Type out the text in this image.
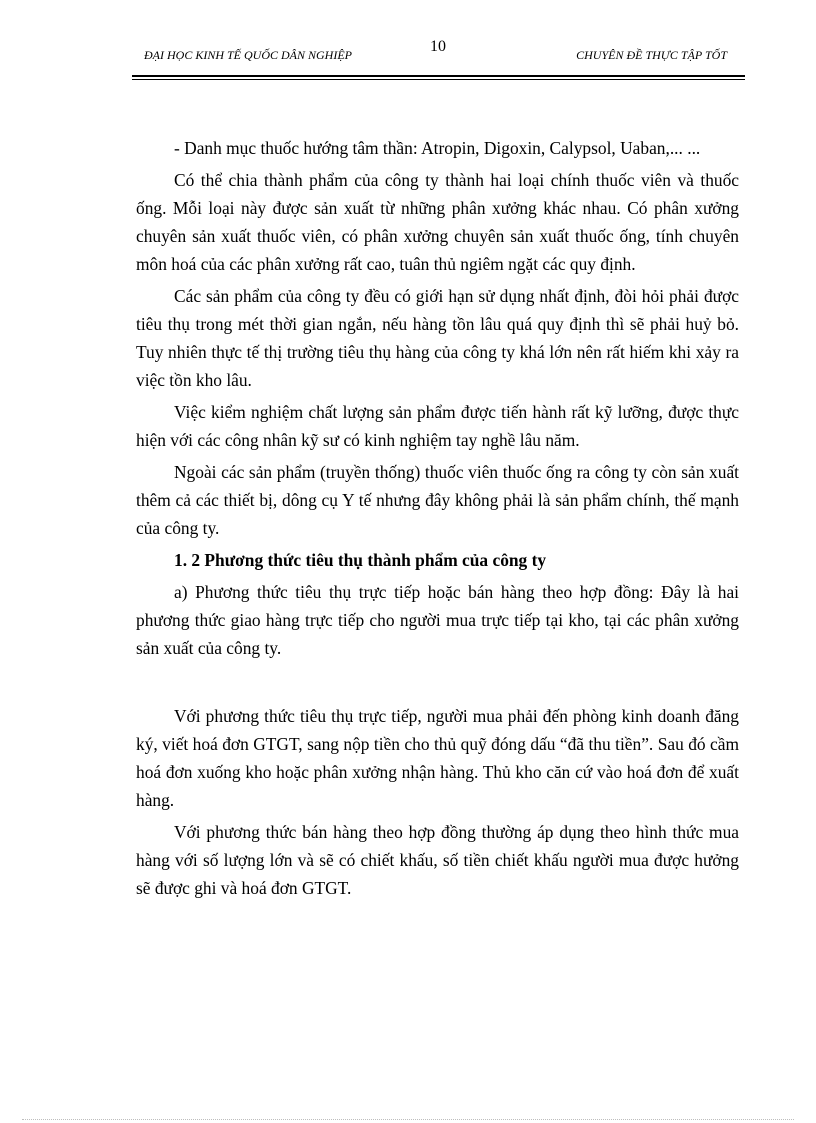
10
ĐẠI HỌC KINH TẾ QUỐC DÂN NGHIỆP	CHUYÊN ĐỀ THỰC TẬP TỐT

- Danh mục thuốc hướng tâm thần: Atropin, Digoxin, Calypsol, Uaban,... ...

Có thể chia thành phẩm của công ty thành hai loại chính thuốc viên và thuốc ống. Mỗi loại này được sản xuất từ những phân xưởng khác nhau. Có phân xưởng chuyên sản xuất thuốc viên, có phân xưởng chuyên sản xuất thuốc ống, tính chuyên môn hoá của các phân xưởng rất cao, tuân thủ ngiêm ngặt các quy định.

Các sản phẩm của công ty đều có giới hạn sử dụng nhất định, đòi hỏi phải được tiêu thụ trong mét thời gian ngắn, nếu hàng tồn lâu quá quy định thì sẽ phải huỷ bỏ. Tuy nhiên thực tế thị trường tiêu thụ hàng của công ty khá lớn nên rất hiếm khi xảy ra việc tồn kho lâu.

Việc kiểm nghiệm chất lượng sản phẩm được tiến hành rất kỹ lưỡng, được thực hiện với các công nhân kỹ sư có kinh nghiệm tay nghề lâu năm.

Ngoài các sản phẩm (truyền thống) thuốc viên thuốc ống ra công ty còn sản xuất thêm cả các thiết bị, dông cụ Y tế nhưng đây không phải là sản phẩm chính, thế mạnh của công ty.

1. 2 Phương thức tiêu thụ thành phẩm của công ty

a) Phương thức tiêu thụ trực tiếp hoặc bán hàng theo hợp đồng: Đây là hai phương thức giao hàng trực tiếp cho người mua trực tiếp tại kho, tại các phân xưởng sản xuất của công ty.

Với phương thức tiêu thụ trực tiếp, người mua phải đến phòng kinh doanh đăng ký, viết hoá đơn GTGT, sang nộp tiền cho thủ quỹ đóng dấu “đã thu tiền”. Sau đó cầm hoá đơn xuống kho hoặc phân xưởng nhận hàng. Thủ kho căn cứ vào hoá đơn để xuất hàng.

Với phương thức bán hàng theo hợp đồng thường áp dụng theo hình thức mua hàng với số lượng lớn và sẽ có chiết khấu, số tiền chiết khấu người mua được hưởng sẽ được ghi và hoá đơn GTGT.
